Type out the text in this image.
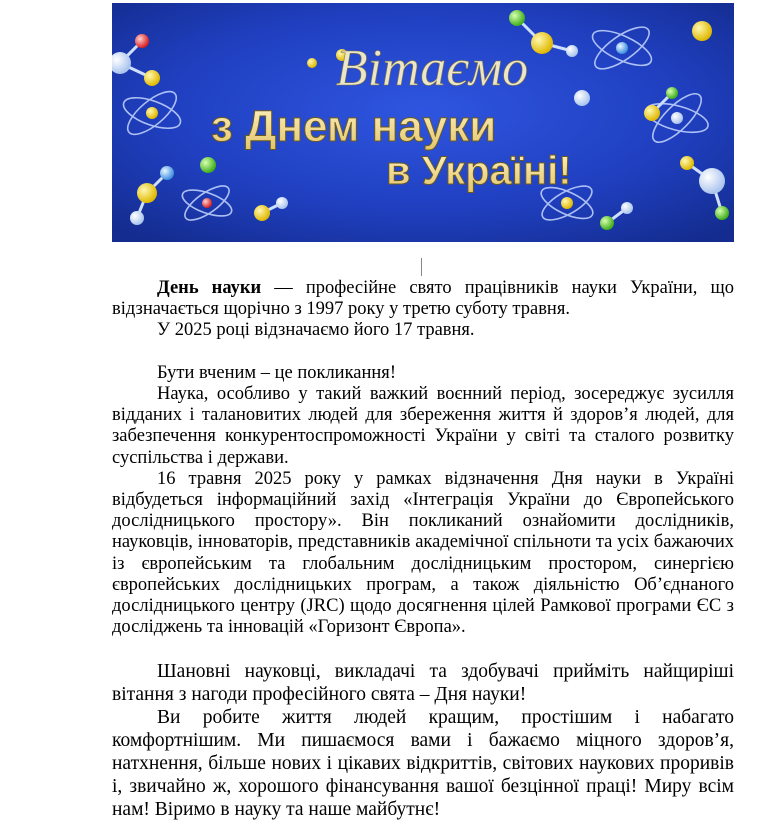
Вітаємо
з Днем науки
в Україні!

День науки — професійне свято працівників науки України, що відзначається щорічно з 1997 року у третю суботу травня.

У 2025 році відзначаємо його 17 травня.

Бути вченим – це покликання!

Наука, особливо у такий важкий воєнний період, зосереджує зусилля відданих і талановитих людей для збереження життя й здоров’я людей, для забезпечення конкурентоспроможності України у світі та сталого розвитку суспільства і держави.

16 травня 2025 року у рамках відзначення Дня науки в Україні відбудеться інформаційний захід «Інтеграція України до Європейського дослідницького простору». Він покликаний ознайомити дослідників, науковців, інноваторів, представників академічної спільноти та усіх бажаючих із європейським та глобальним дослідницьким простором, синергією європейських дослідницьких програм, а також діяльністю Об’єднаного дослідницького центру (JRC) щодо досягнення цілей Рамкової програми ЄС з досліджень та інновацій «Горизонт Європа».

Шановні науковці, викладачі та здобувачі прийміть найщиріші вітання з нагоди професійного свята – Дня науки!

Ви робите життя людей кращим, простішим і набагато комфортнішим. Ми пишаємося вами і бажаємо міцного здоров’я, натхнення, більше нових і цікавих відкриттів, світових наукових проривів і, звичайно ж, хорошого фінансування вашої безцінної праці! Миру всім нам! Віримо в науку та наше майбутнє!
